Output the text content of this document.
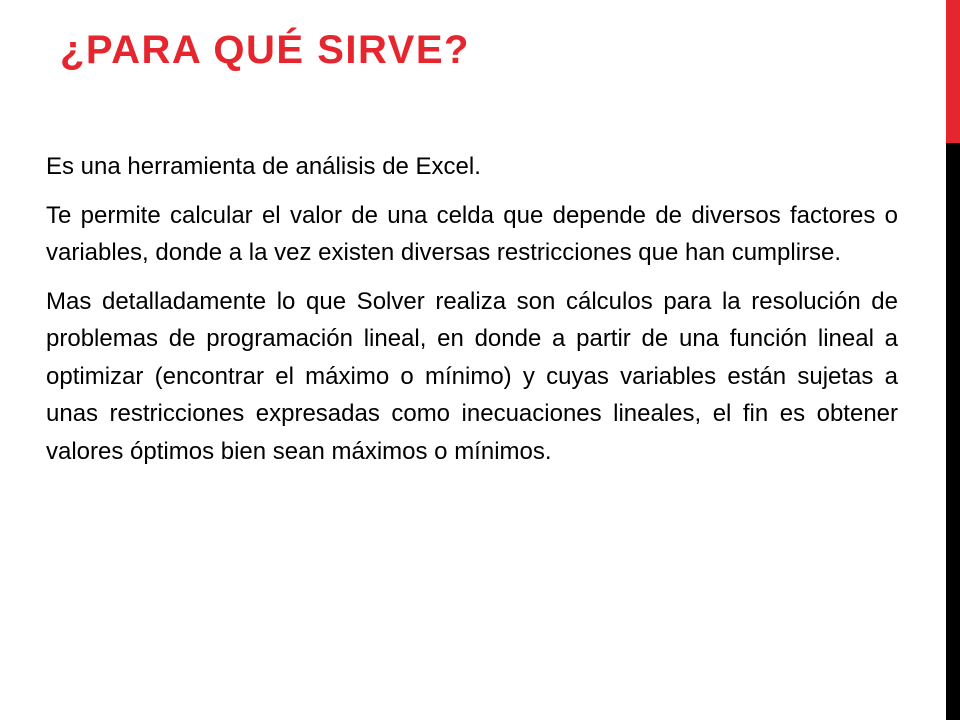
¿PARA QUÉ SIRVE?

Es una herramienta de análisis de Excel.

Te permite calcular el valor de una celda que depende de diversos factores o variables, donde a la vez existen diversas restricciones que han cumplirse.

Mas detalladamente lo que Solver realiza son cálculos para la resolución de problemas de programación lineal, en donde a partir de una función lineal a optimizar (encontrar el máximo o mínimo) y cuyas variables están sujetas a unas restricciones expresadas como inecuaciones lineales, el fin es obtener valores óptimos bien sean máximos o mínimos.
